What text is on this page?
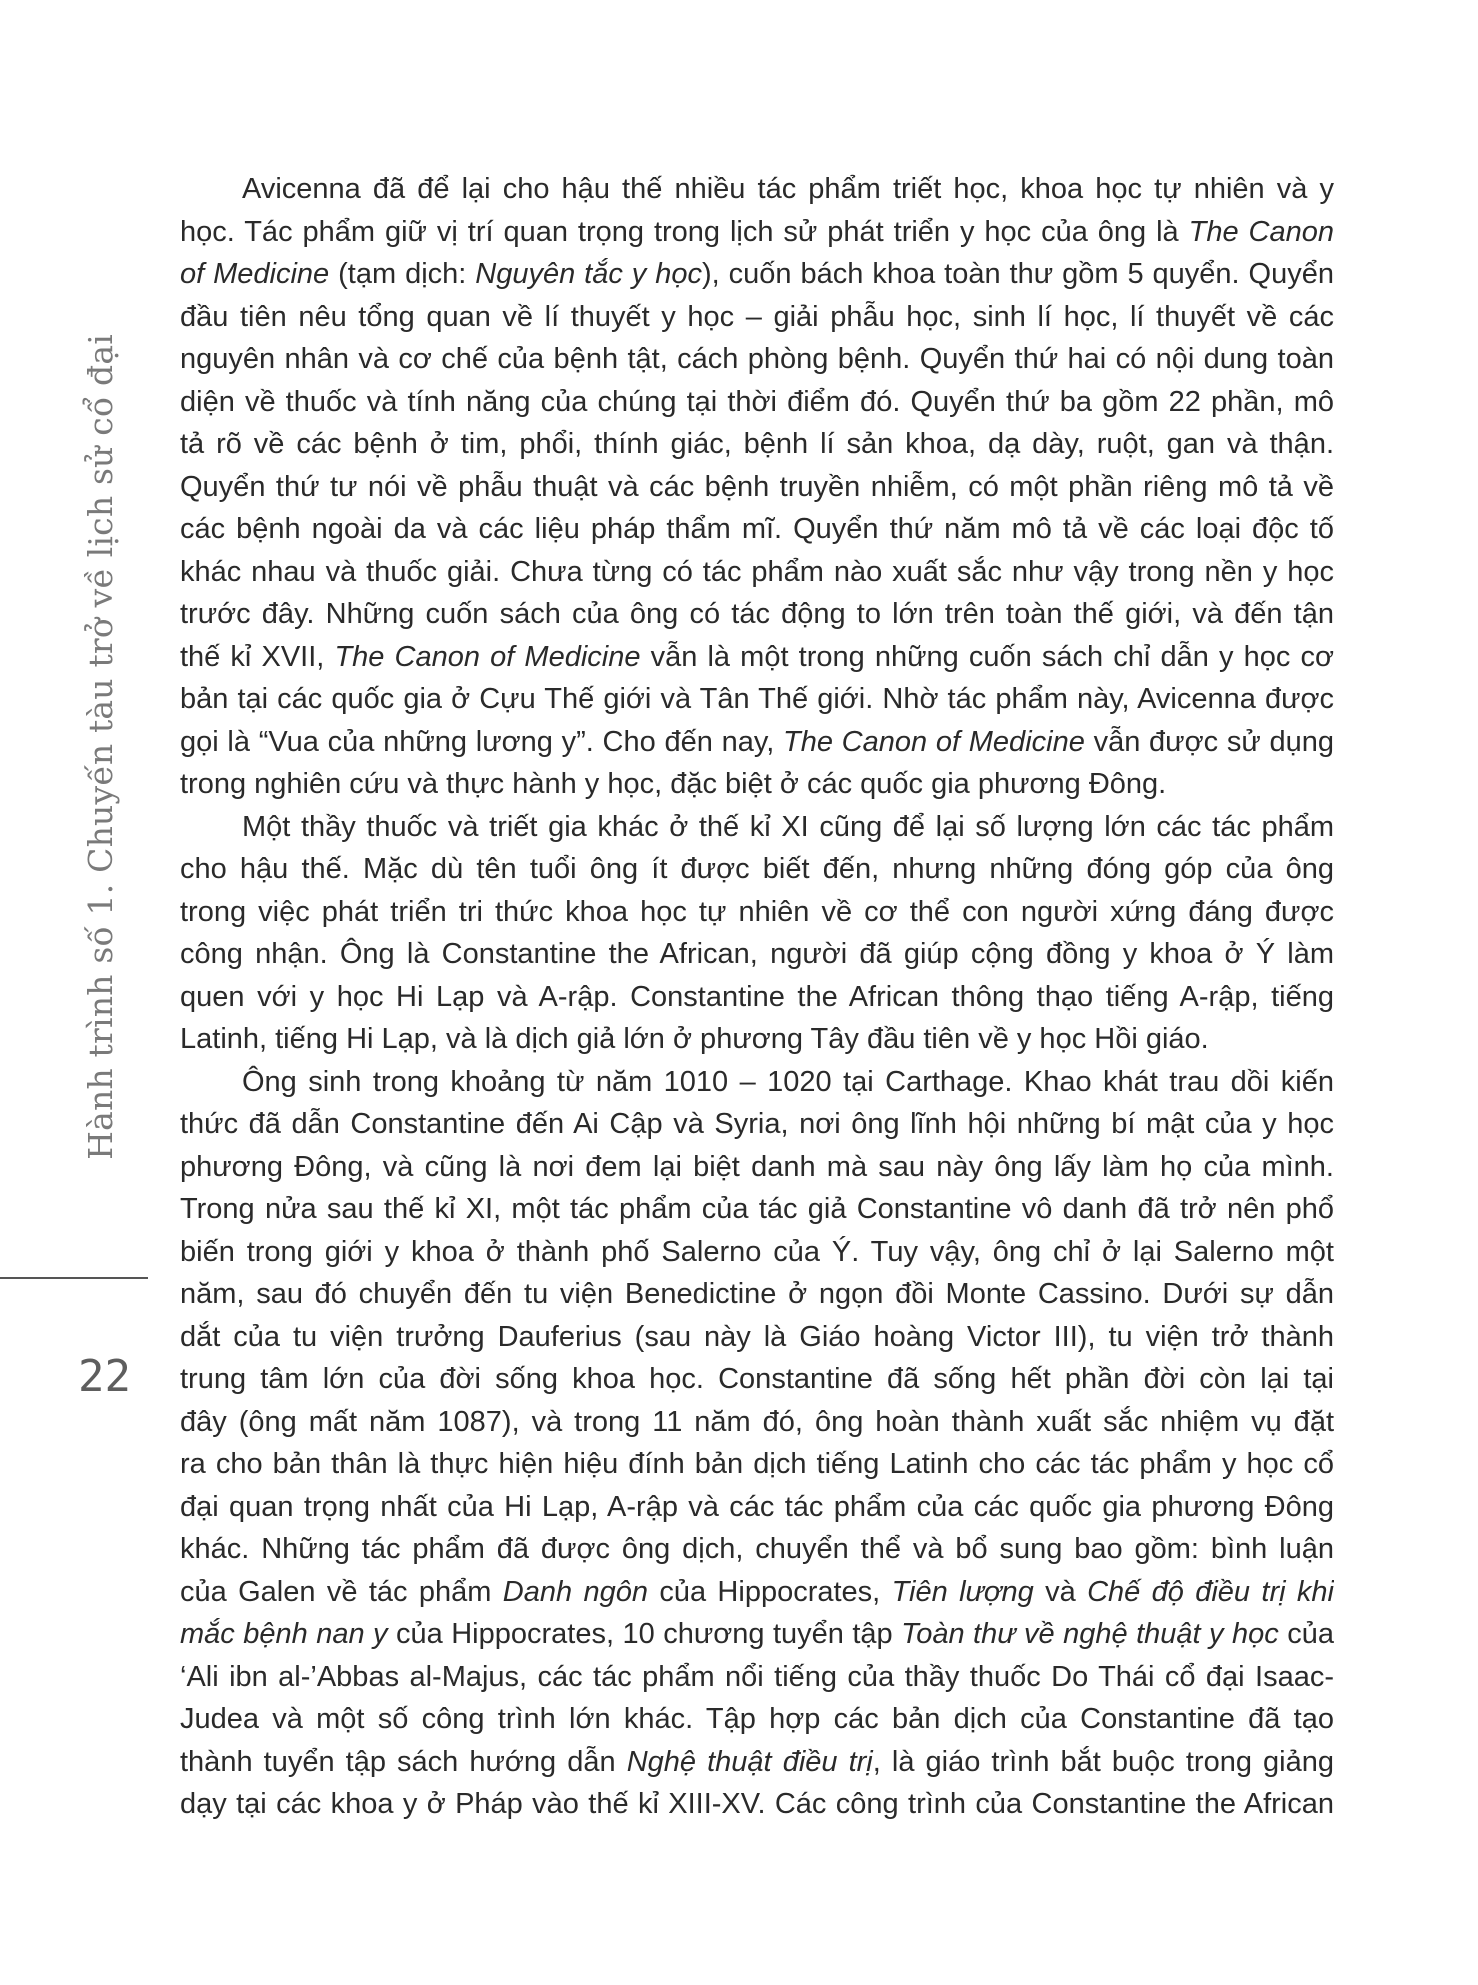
Hành trình số 1. Chuyến tàu trở về lịch sử cổ đại
22
Avicenna đã để lại cho hậu thế nhiều tác phẩm triết học, khoa học tự nhiên và y
học. Tác phẩm giữ vị trí quan trọng trong lịch sử phát triển y học của ông là The Canon
of Medicine (tạm dịch: Nguyên tắc y học), cuốn bách khoa toàn thư gồm 5 quyển. Quyển
đầu tiên nêu tổng quan về lí thuyết y học – giải phẫu học, sinh lí học, lí thuyết về các
nguyên nhân và cơ chế của bệnh tật, cách phòng bệnh. Quyển thứ hai có nội dung toàn
diện về thuốc và tính năng của chúng tại thời điểm đó. Quyển thứ ba gồm 22 phần, mô
tả rõ về các bệnh ở tim, phổi, thính giác, bệnh lí sản khoa, dạ dày, ruột, gan và thận.
Quyển thứ tư nói về phẫu thuật và các bệnh truyền nhiễm, có một phần riêng mô tả về
các bệnh ngoài da và các liệu pháp thẩm mĩ. Quyển thứ năm mô tả về các loại độc tố
khác nhau và thuốc giải. Chưa từng có tác phẩm nào xuất sắc như vậy trong nền y học
trước đây. Những cuốn sách của ông có tác động to lớn trên toàn thế giới, và đến tận
thế kỉ XVII, The Canon of Medicine vẫn là một trong những cuốn sách chỉ dẫn y học cơ
bản tại các quốc gia ở Cựu Thế giới và Tân Thế giới. Nhờ tác phẩm này, Avicenna được
gọi là “Vua của những lương y”. Cho đến nay, The Canon of Medicine vẫn được sử dụng
trong nghiên cứu và thực hành y học, đặc biệt ở các quốc gia phương Đông.
Một thầy thuốc và triết gia khác ở thế kỉ XI cũng để lại số lượng lớn các tác phẩm
cho hậu thế. Mặc dù tên tuổi ông ít được biết đến, nhưng những đóng góp của ông
trong việc phát triển tri thức khoa học tự nhiên về cơ thể con người xứng đáng được
công nhận. Ông là Constantine the African, người đã giúp cộng đồng y khoa ở Ý làm
quen với y học Hi Lạp và A-rập. Constantine the African thông thạo tiếng A-rập, tiếng
Latinh, tiếng Hi Lạp, và là dịch giả lớn ở phương Tây đầu tiên về y học Hồi giáo.
Ông sinh trong khoảng từ năm 1010 – 1020 tại Carthage. Khao khát trau dồi kiến
thức đã dẫn Constantine đến Ai Cập và Syria, nơi ông lĩnh hội những bí mật của y học
phương Đông, và cũng là nơi đem lại biệt danh mà sau này ông lấy làm họ của mình.
Trong nửa sau thế kỉ XI, một tác phẩm của tác giả Constantine vô danh đã trở nên phổ
biến trong giới y khoa ở thành phố Salerno của Ý. Tuy vậy, ông chỉ ở lại Salerno một
năm, sau đó chuyển đến tu viện Benedictine ở ngọn đồi Monte Cassino. Dưới sự dẫn
dắt của tu viện trưởng Dauferius (sau này là Giáo hoàng Victor III), tu viện trở thành
trung tâm lớn của đời sống khoa học. Constantine đã sống hết phần đời còn lại tại
đây (ông mất năm 1087), và trong 11 năm đó, ông hoàn thành xuất sắc nhiệm vụ đặt
ra cho bản thân là thực hiện hiệu đính bản dịch tiếng Latinh cho các tác phẩm y học cổ
đại quan trọng nhất của Hi Lạp, A-rập và các tác phẩm của các quốc gia phương Đông
khác. Những tác phẩm đã được ông dịch, chuyển thể và bổ sung bao gồm: bình luận
của Galen về tác phẩm Danh ngôn của Hippocrates, Tiên lượng và Chế độ điều trị khi
mắc bệnh nan y của Hippocrates, 10 chương tuyển tập Toàn thư về nghệ thuật y học của
‘Ali ibn al-’Abbas al-Majus, các tác phẩm nổi tiếng của thầy thuốc Do Thái cổ đại Isaac-
Judea và một số công trình lớn khác. Tập hợp các bản dịch của Constantine đã tạo
thành tuyển tập sách hướng dẫn Nghệ thuật điều trị, là giáo trình bắt buộc trong giảng
dạy tại các khoa y ở Pháp vào thế kỉ XIII-XV. Các công trình của Constantine the African
